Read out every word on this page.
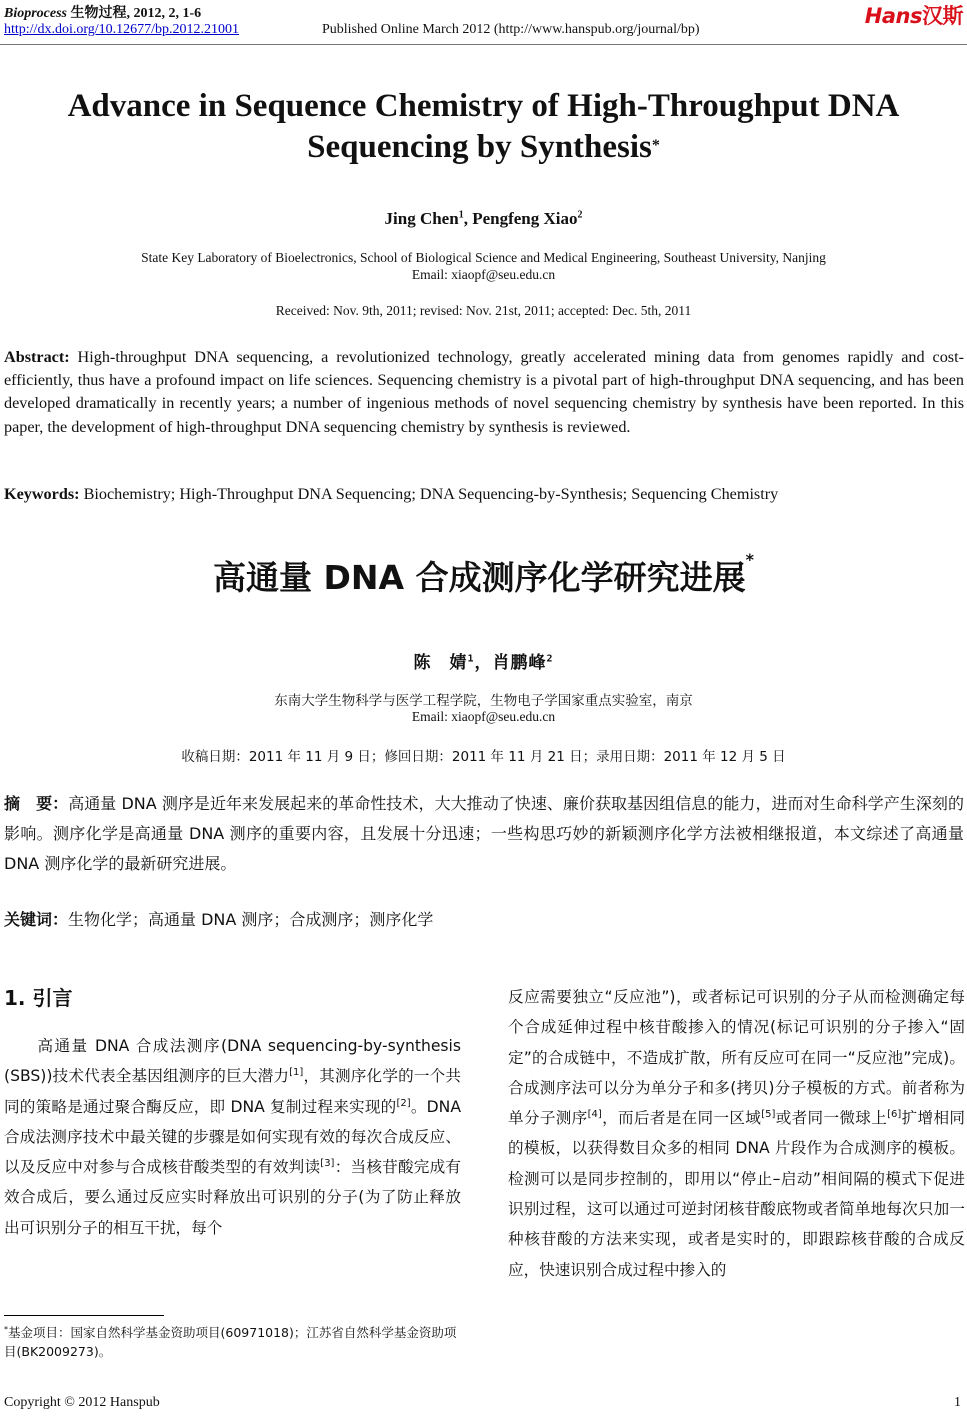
Bioprocess 生物过程, 2012, 2, 1-6	Hans汉斯
http://dx.doi.org/10.12677/bp.2012.21001	Published Online March 2012 (http://www.hanspub.org/journal/bp)
Advance in Sequence Chemistry of High-Throughput DNA
Sequencing by Synthesis*
Jing Chen$^1$, Pengfeng Xiao$^2$
State Key Laboratory of Bioelectronics, School of Biological Science and Medical Engineering, Southeast University, Nanjing
Email: xiaopf@seu.edu.cn
Received: Nov. 9th, 2011; revised: Nov. 21st, 2011; accepted: Dec. 5th, 2011
Abstract: High-throughput DNA sequencing, a revolutionized technology, greatly accelerated mining data from genomes rapidly and cost-efficiently, thus have a profound impact on life sciences. Sequencing chemistry is a pivotal part of high-throughput DNA sequencing, and has been developed dramatically in recently years; a number of ingenious methods of novel sequencing chemistry by synthesis have been reported. In this paper, the development of high-throughput DNA sequencing chemistry by synthesis is reviewed.
Keywords: Biochemistry; High-Throughput DNA Sequencing; DNA Sequencing-by-Synthesis; Sequencing Chemistry
高通量 DNA 合成测序化学研究进展*
陈　婧$^1$，肖鹏峰$^2$
东南大学生物科学与医学工程学院，生物电子学国家重点实验室，南京
Email: xiaopf@seu.edu.cn
收稿日期：2011 年 11 月 9 日；修回日期：2011 年 11 月 21 日；录用日期：2011 年 12 月 5 日
摘　要：高通量 DNA 测序是近年来发展起来的革命性技术，大大推动了快速、廉价获取基因组信息的能力，进而对生命科学产生深刻的影响。测序化学是高通量 DNA 测序的重要内容，且发展十分迅速；一些构思巧妙的新颖测序化学方法被相继报道，本文综述了高通量 DNA 测序化学的最新研究进展。
关键词：生物化学；高通量 DNA 测序；合成测序；测序化学
1. 引言
高通量 DNA 合成法测序(DNA sequencing-by-synthesis (SBS))技术代表全基因组测序的巨大潜力[1]，其测序化学的一个共同的策略是通过聚合酶反应，即 DNA 复制过程来实现的[2]。DNA 合成法测序技术中最关键的步骤是如何实现有效的每次合成反应、以及反应中对参与合成核苷酸类型的有效判读[3]：当核苷酸完成有效合成后，要么通过反应实时释放出可识别的分子(为了防止释放出可识别分子的相互干扰，每个
反应需要独立“反应池”)，或者标记可识别的分子从而检测确定每个合成延伸过程中核苷酸掺入的情况(标记可识别的分子掺入“固定”的合成链中，不造成扩散，所有反应可在同一“反应池”完成)。合成测序法可以分为单分子和多(拷贝)分子模板的方式。前者称为单分子测序[4]，而后者是在同一区域[5]或者同一微球上[6]扩增相同的模板，以获得数目众多的相同 DNA 片段作为合成测序的模板。检测可以是同步控制的，即用以“停止–启动”相间隔的模式下促进识别过程，这可以通过可逆封闭核苷酸底物或者简单地每次只加一种核苷酸的方法来实现，或者是实时的，即跟踪核苷酸的合成反应，快速识别合成过程中掺入的
*基金项目：国家自然科学基金资助项目(60971018)；江苏省自然科学基金资助项目(BK2009273)。
Copyright © 2012 Hanspub	1
